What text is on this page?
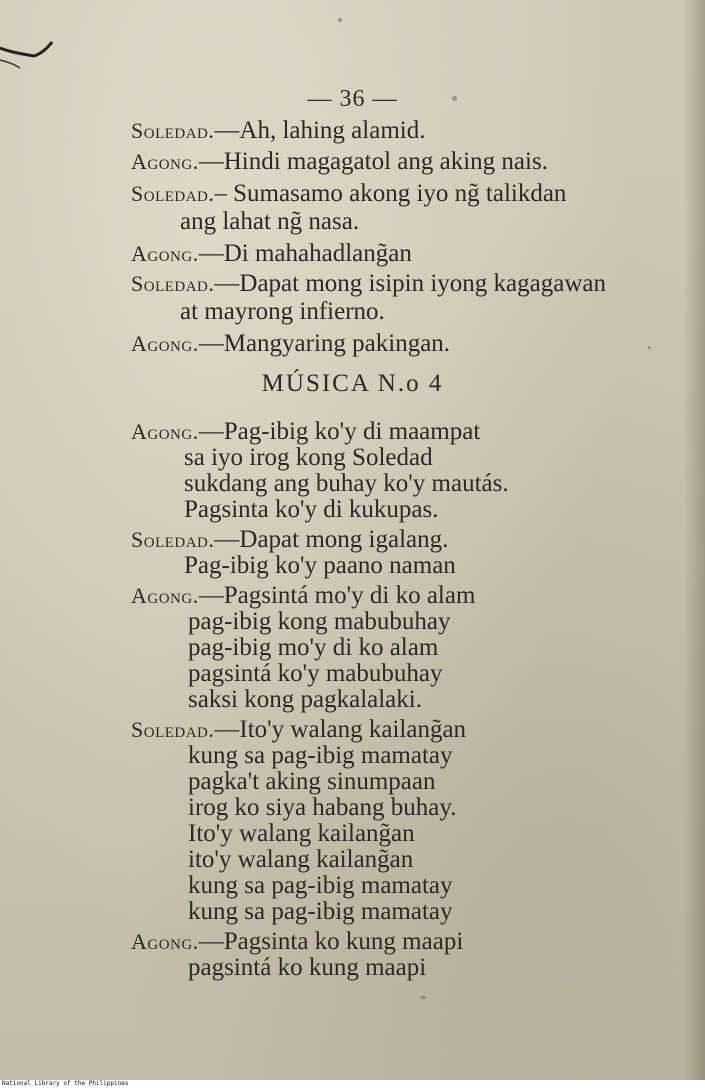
— 36 —
Soledad.—Ah, lahing alamid.
Agong.—Hindi magagatol ang aking nais.
Soledad.– Sumasamo akong iyo ng̃ talikdan
ang lahat ng̃ nasa.
Agong.—Di mahahadlang̃an
Soledad.—Dapat mong isipin iyong kagagawan
at mayrong infierno.
Agong.—Mangyaring pakingan.
MÚSICA N.o 4
Agong.—Pag-ibig ko'y di maampat
sa iyo irog kong Soledad
sukdang ang buhay ko'y mautás.
Pagsinta ko'y di kukupas.
Soledad.—Dapat mong igalang.
Pag-ibig ko'y paano naman
Agong.—Pagsintá mo'y di ko alam
pag-ibig kong mabubuhay
pag-ibig mo'y di ko alam
pagsintá ko'y mabubuhay
saksi kong pagkalalaki.
Soledad.—Ito'y walang kailang̃an
kung sa pag-ibig mamatay
pagka't aking sinumpaan
irog ko siya habang buhay.
Ito'y walang kailang̃an
ito'y walang kailang̃an
kung sa pag-ibig mamatay
kung sa pag-ibig mamatay
Agong.—Pagsinta ko kung maapi
pagsintá ko kung maapi
National Library of the Philippines
